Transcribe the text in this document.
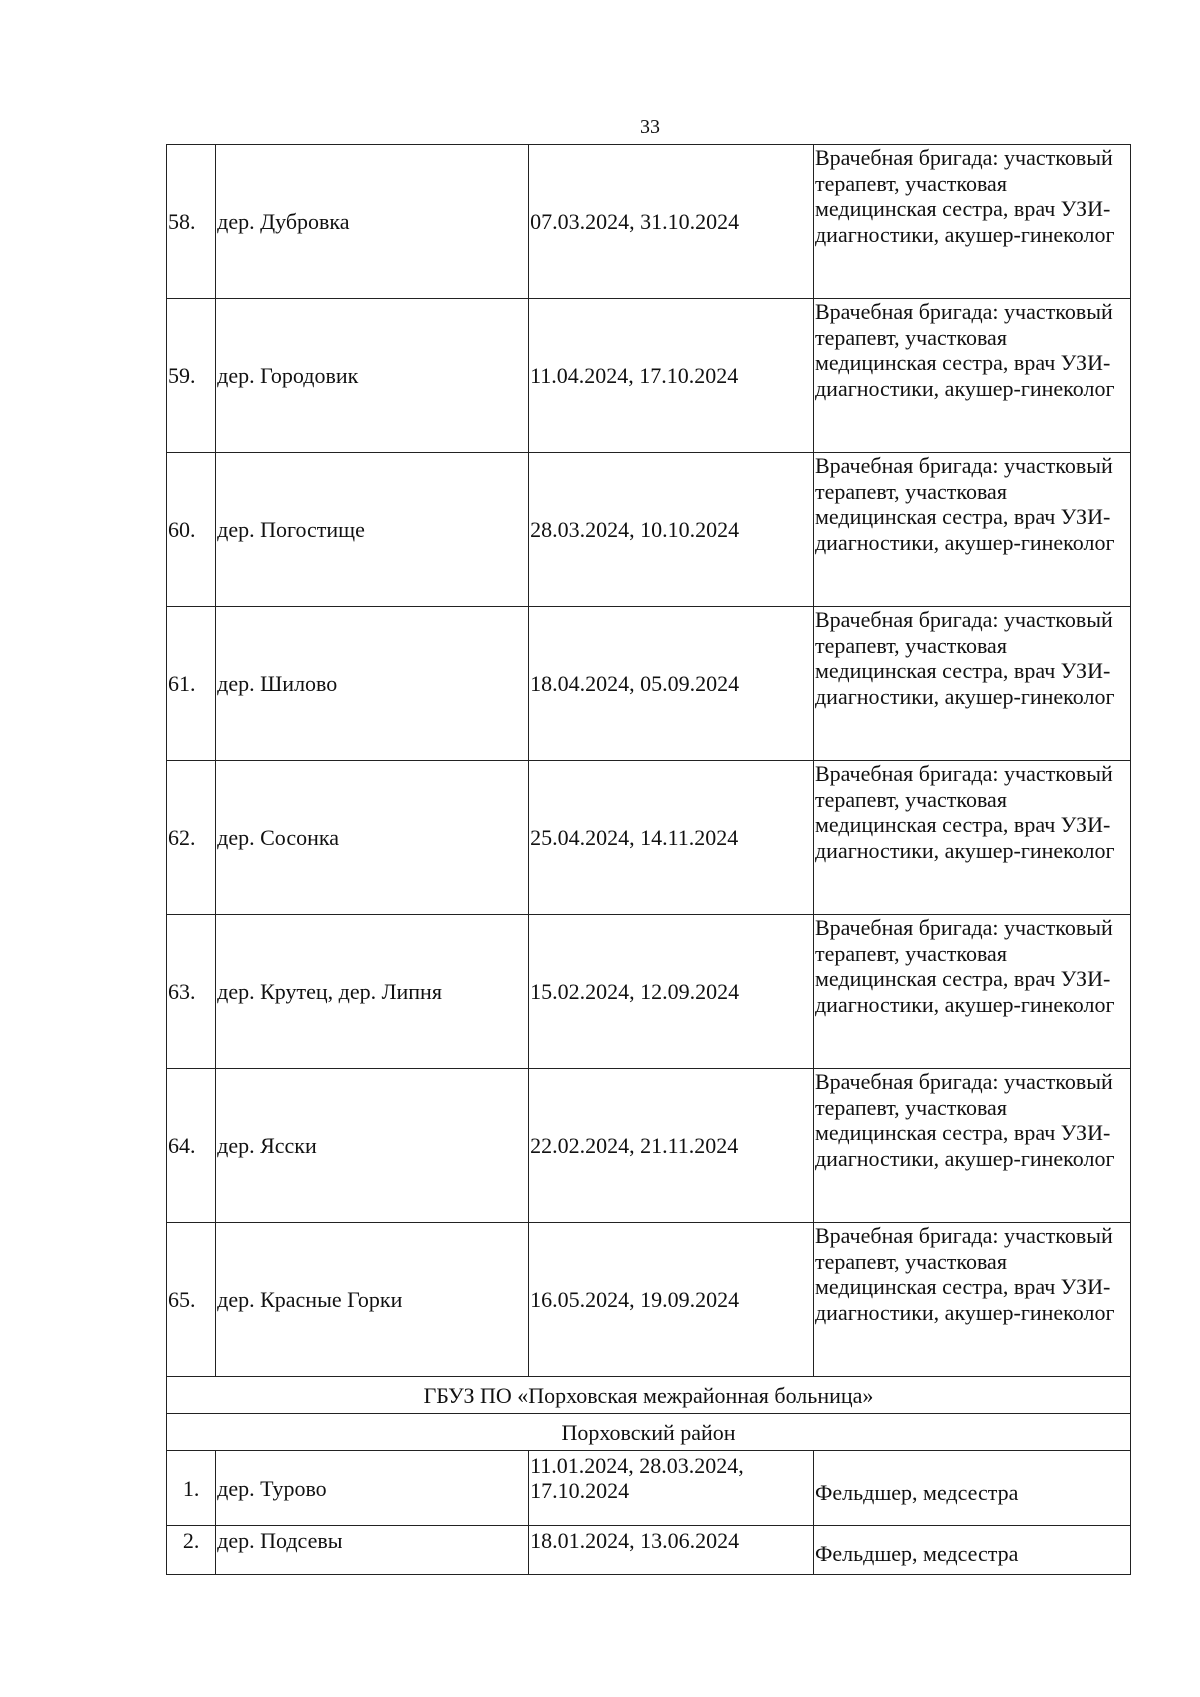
33
58.	дер. Дубровка	07.03.2024, 31.10.2024	Врачебная бригада: участковый терапевт, участковая медицинская сестра, врач УЗИ-диагностики, акушер-гинеколог
59.	дер. Городовик	11.04.2024, 17.10.2024	Врачебная бригада: участковый терапевт, участковая медицинская сестра, врач УЗИ-диагностики, акушер-гинеколог
60.	дер. Погостище	28.03.2024, 10.10.2024	Врачебная бригада: участковый терапевт, участковая медицинская сестра, врач УЗИ-диагностики, акушер-гинеколог
61.	дер. Шилово	18.04.2024, 05.09.2024	Врачебная бригада: участковый терапевт, участковая медицинская сестра, врач УЗИ-диагностики, акушер-гинеколог
62.	дер. Сосонка	25.04.2024, 14.11.2024	Врачебная бригада: участковый терапевт, участковая медицинская сестра, врач УЗИ-диагностики, акушер-гинеколог
63.	дер. Крутец, дер. Липня	15.02.2024, 12.09.2024	Врачебная бригада: участковый терапевт, участковая медицинская сестра, врач УЗИ-диагностики, акушер-гинеколог
64.	дер. Ясски	22.02.2024, 21.11.2024	Врачебная бригада: участковый терапевт, участковая медицинская сестра, врач УЗИ-диагностики, акушер-гинеколог
65.	дер. Красные Горки	16.05.2024, 19.09.2024	Врачебная бригада: участковый терапевт, участковая медицинская сестра, врач УЗИ-диагностики, акушер-гинеколог
ГБУЗ ПО «Порховская межрайонная больница»			
Порховский район			
1.	дер. Турово	11.01.2024, 28.03.2024, 17.10.2024	Фельдшер, медсестра
2.	дер. Подсевы	18.01.2024, 13.06.2024	Фельдшер, медсестра
